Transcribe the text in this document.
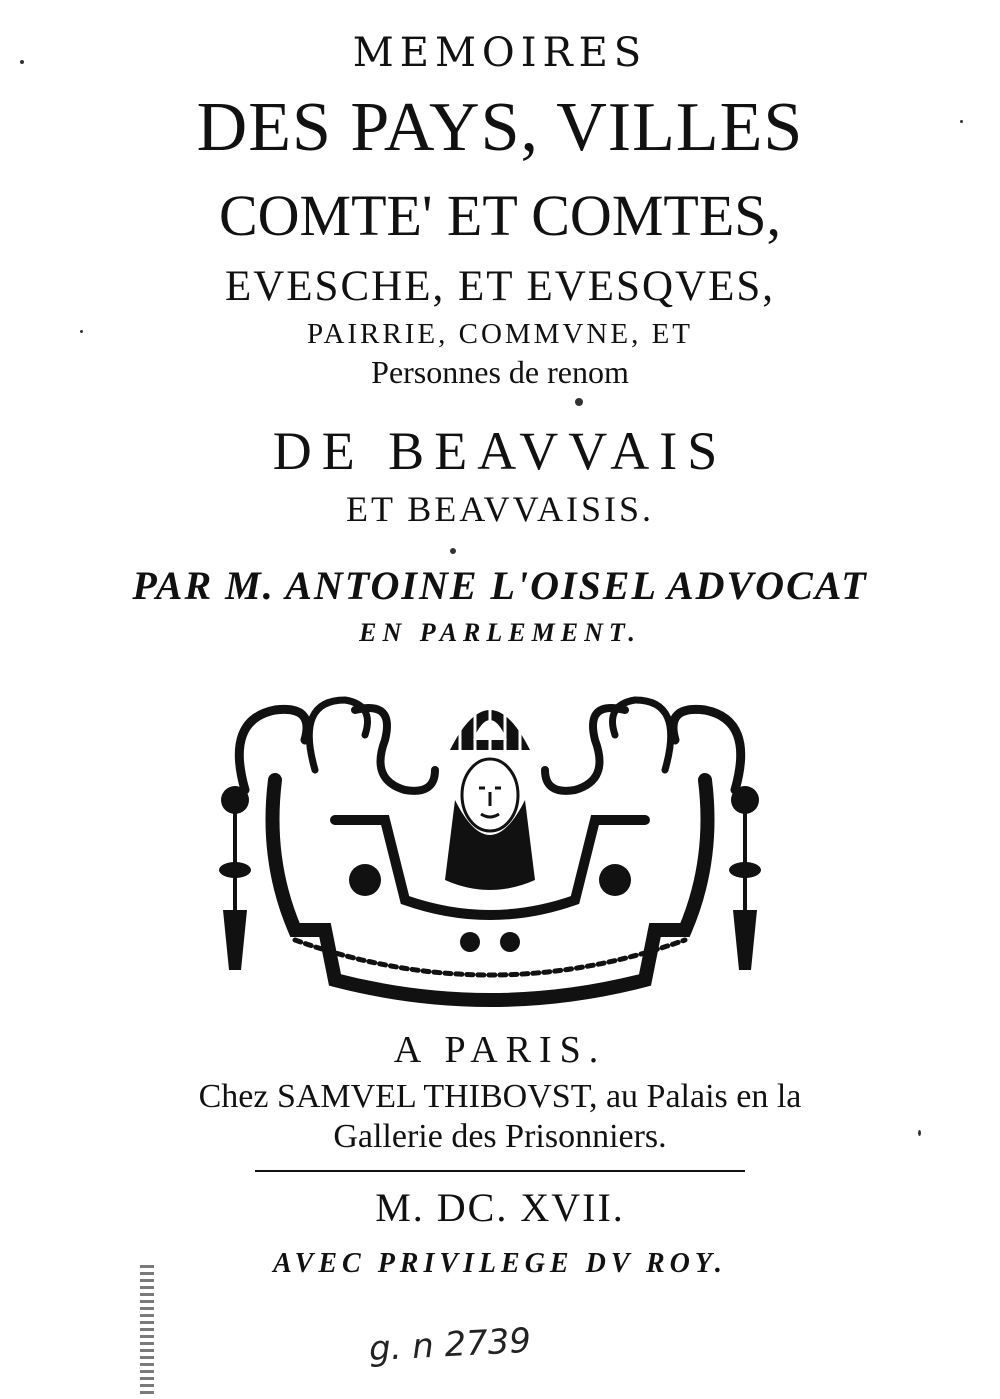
MEMOIRES
DES PAYS, VILLES
COMTE' ET COMTES,
EVESCHE, ET EVESQVES,
PAIRRIE, COMMVNE, ET
Personnes de renom
DE BEAVVAIS
ET BEAVVAISIS.
PAR M. ANTOINE L'OISEL ADVOCAT
EN PARLEMENT.
A PARIS.
Chez SAMVEL THIBOVST, au Palais en la
Gallerie des Prisonniers.
M. DC. XVII.
AVEC PRIVILEGE DV ROY.
g. n 2739
